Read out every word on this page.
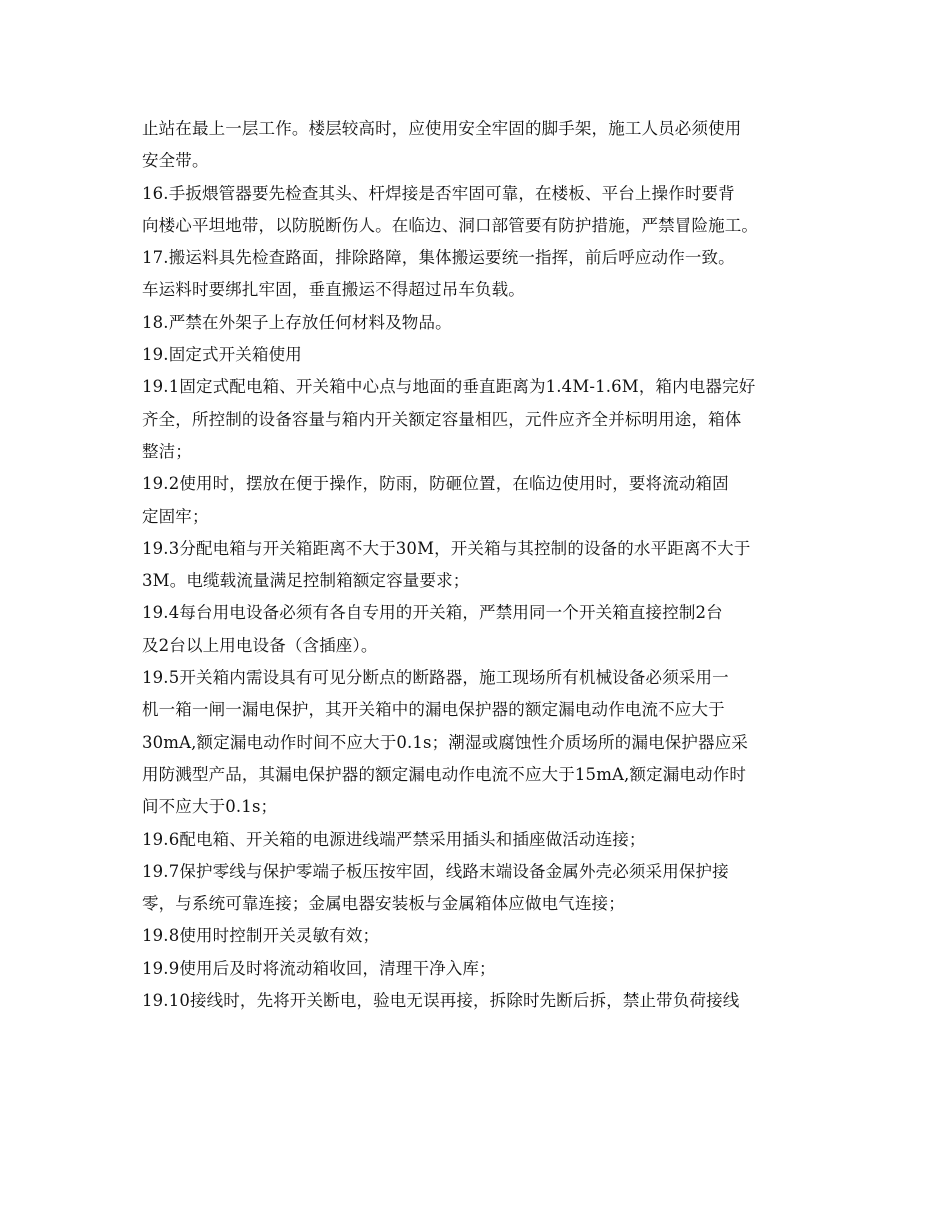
止站在最上一层工作。楼层较高时，应使用安全牢固的脚手架，施工人员必须使用
安全带。
16.手扳煨管器要先检查其头、杆焊接是否牢固可靠，在楼板、平台上操作时要背
向楼心平坦地带，以防脱断伤人。在临边、洞口部管要有防护措施，严禁冒险施工。
17.搬运料具先检查路面，排除路障，集体搬运要统一指挥，前后呼应动作一致。
车运料时要绑扎牢固，垂直搬运不得超过吊车负载。
18.严禁在外架子上存放任何材料及物品。
19.固定式开关箱使用
19.1固定式配电箱、开关箱中心点与地面的垂直距离为1.4M-1.6M，箱内电器完好
齐全，所控制的设备容量与箱内开关额定容量相匹，元件应齐全并标明用途，箱体
整洁；
19.2使用时，摆放在便于操作，防雨，防砸位置，在临边使用时，要将流动箱固
定固牢；
19.3分配电箱与开关箱距离不大于30M，开关箱与其控制的设备的水平距离不大于
3M。电缆载流量满足控制箱额定容量要求；
19.4每台用电设备必须有各自专用的开关箱，严禁用同一个开关箱直接控制2台
及2台以上用电设备（含插座）。
19.5开关箱内需设具有可见分断点的断路器，施工现场所有机械设备必须采用一
机一箱一闸一漏电保护，其开关箱中的漏电保护器的额定漏电动作电流不应大于
30mA,额定漏电动作时间不应大于0.1s；潮湿或腐蚀性介质场所的漏电保护器应采
用防溅型产品，其漏电保护器的额定漏电动作电流不应大于15mA,额定漏电动作时
间不应大于0.1s；
19.6配电箱、开关箱的电源进线端严禁采用插头和插座做活动连接；
19.7保护零线与保护零端子板压按牢固，线路末端设备金属外壳必须采用保护接
零，与系统可靠连接；金属电器安装板与金属箱体应做电气连接；
19.8使用时控制开关灵敏有效；
19.9使用后及时将流动箱收回，清理干净入库；
19.10接线时，先将开关断电，验电无误再接，拆除时先断后拆，禁止带负荷接线
